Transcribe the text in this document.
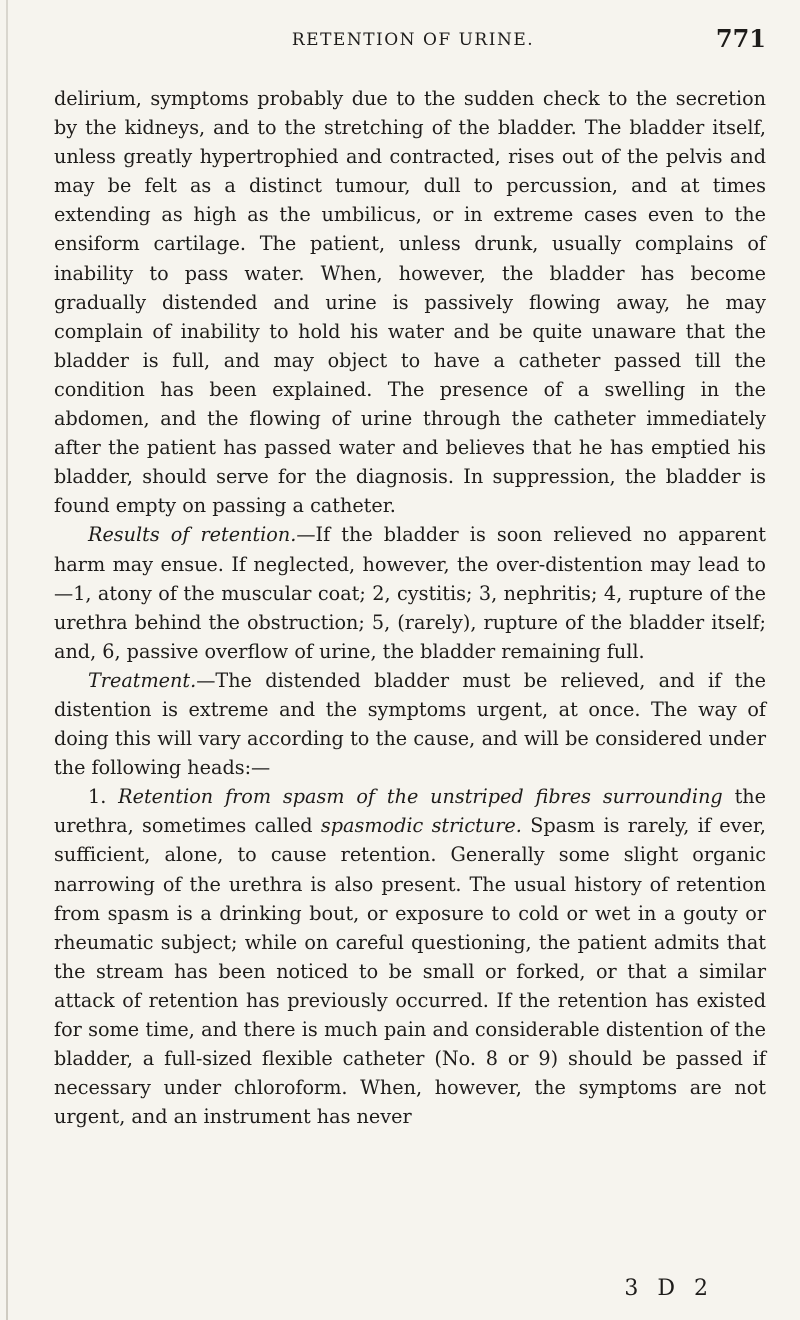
RETENTION OF URINE.	771

delirium, symptoms probably due to the sudden check to the secretion by the kidneys, and to the stretching of the bladder. The bladder itself, unless greatly hypertrophied and contracted, rises out of the pelvis and may be felt as a distinct tumour, dull to percussion, and at times extending as high as the umbilicus, or in extreme cases even to the ensiform cartilage. The patient, unless drunk, usually complains of inability to pass water. When, however, the bladder has become gradually distended and urine is passively flowing away, he may complain of inability to hold his water and be quite unaware that the bladder is full, and may object to have a catheter passed till the condition has been explained. The presence of a swelling in the abdomen, and the flowing of urine through the catheter immediately after the patient has passed water and believes that he has emptied his bladder, should serve for the diagnosis. In suppression, the bladder is found empty on passing a catheter.

Results of retention.—If the bladder is soon relieved no apparent harm may ensue. If neglected, however, the over-distention may lead to—1, atony of the muscular coat; 2, cystitis; 3, nephritis; 4, rupture of the urethra behind the obstruction; 5, (rarely), rupture of the bladder itself; and, 6, passive overflow of urine, the bladder remaining full.

Treatment.—The distended bladder must be relieved, and if the distention is extreme and the symptoms urgent, at once. The way of doing this will vary according to the cause, and will be considered under the following heads:—

1. Retention from spasm of the unstriped fibres surrounding the urethra, sometimes called spasmodic stricture. Spasm is rarely, if ever, sufficient, alone, to cause retention. Generally some slight organic narrowing of the urethra is also present. The usual history of retention from spasm is a drinking bout, or exposure to cold or wet in a gouty or rheumatic subject; while on careful questioning, the patient admits that the stream has been noticed to be small or forked, or that a similar attack of retention has previously occurred. If the retention has existed for some time, and there is much pain and considerable distention of the bladder, a full-sized flexible catheter (No. 8 or 9) should be passed if necessary under chloroform. When, however, the symptoms are not urgent, and an instrument has never

3 D 2
